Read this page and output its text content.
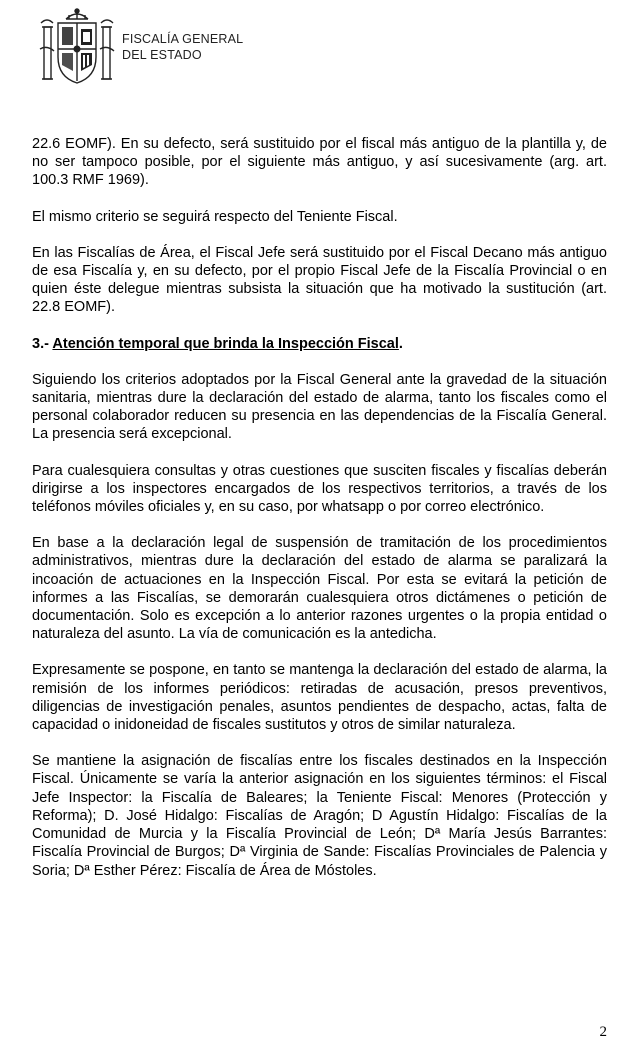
FISCALÍA GENERAL
DEL ESTADO

22.6 EOMF). En su defecto, será sustituido por el fiscal más antiguo de la plantilla y, de no ser tampoco posible, por el siguiente más antiguo, y así sucesivamente (arg. art. 100.3 RMF 1969).

El mismo criterio se seguirá respecto del Teniente Fiscal.

En las Fiscalías de Área, el Fiscal Jefe será sustituido por el Fiscal Decano más antiguo de esa Fiscalía y, en su defecto, por el propio Fiscal Jefe de la Fiscalía Provincial o en quien éste delegue mientras subsista la situación que ha motivado la sustitución (art. 22.8 EOMF).

3.- Atención temporal que brinda la Inspección Fiscal.

Siguiendo los criterios adoptados por la Fiscal General ante la gravedad de la situación sanitaria, mientras dure la declaración del estado de alarma, tanto los fiscales como el personal colaborador reducen su presencia en las dependencias de la Fiscalía General. La presencia será excepcional.

Para cualesquiera consultas y otras cuestiones que susciten fiscales y fiscalías deberán dirigirse a los inspectores encargados de los respectivos territorios, a través de los teléfonos móviles oficiales y, en su caso, por whatsapp o por correo electrónico.

En base a la declaración legal de suspensión de tramitación de los procedimientos administrativos, mientras dure la declaración del estado de alarma se paralizará la incoación de actuaciones en la Inspección Fiscal. Por esta se evitará la petición de informes a las Fiscalías, se demorarán cualesquiera otros dictámenes o petición de documentación. Solo es excepción a lo anterior razones urgentes o la propia entidad o naturaleza del asunto. La vía de comunicación es la antedicha.

Expresamente se pospone, en tanto se mantenga la declaración del estado de alarma, la remisión de los informes periódicos: retiradas de acusación, presos preventivos, diligencias de investigación penales, asuntos pendientes de despacho, actas, falta de capacidad o inidoneidad de fiscales sustitutos y otros de similar naturaleza.

Se mantiene la asignación de fiscalías entre los fiscales destinados en la Inspección Fiscal. Únicamente se varía la anterior asignación en los siguientes términos: el Fiscal Jefe Inspector: la Fiscalía de Baleares; la Teniente Fiscal: Menores (Protección y Reforma); D. José Hidalgo: Fiscalías de Aragón; D Agustín Hidalgo: Fiscalías de la Comunidad de Murcia y la Fiscalía Provincial de León; Dª María Jesús Barrantes: Fiscalía Provincial de Burgos; Dª Virginia de Sande: Fiscalías Provinciales de Palencia y Soria; Dª Esther Pérez: Fiscalía de Área de Móstoles.

2
